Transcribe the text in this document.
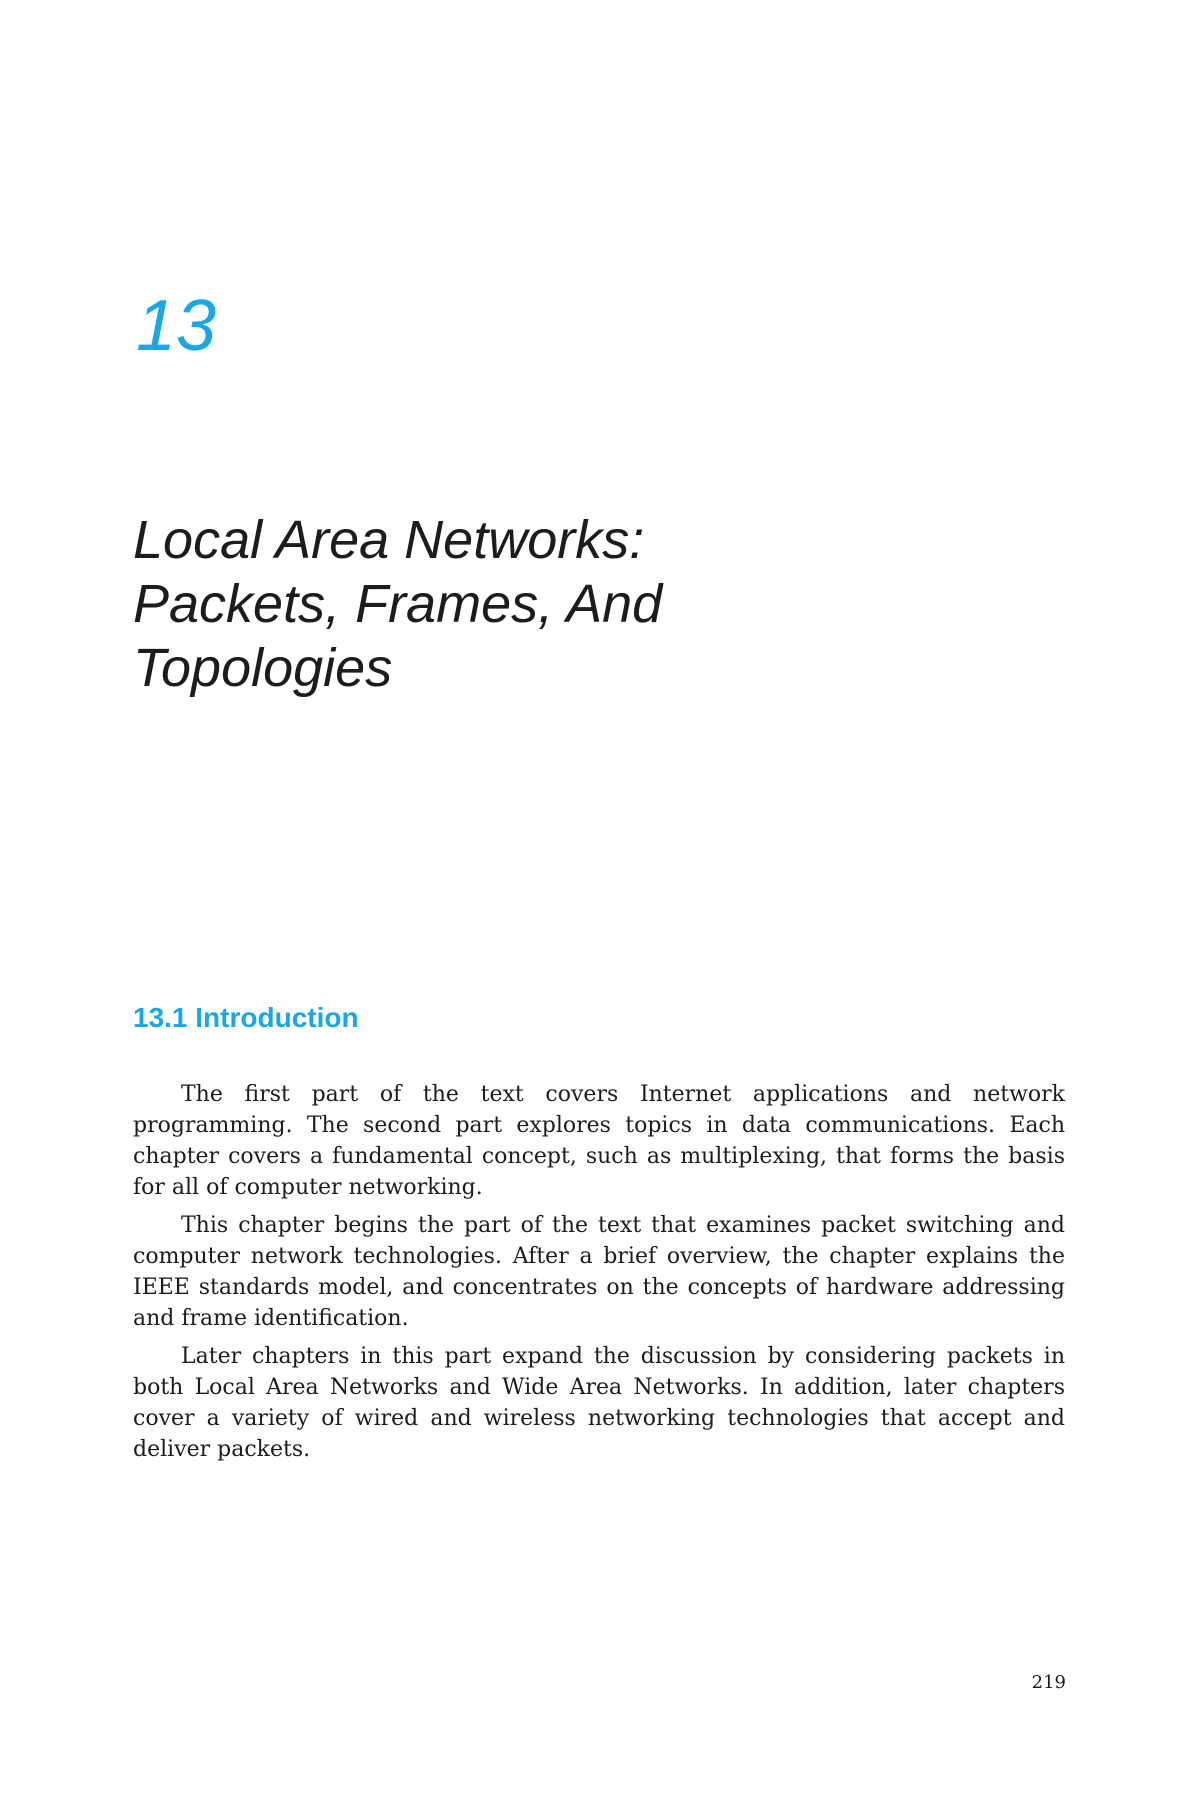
13
Local Area Networks:
Packets, Frames, And
Topologies
13.1 Introduction

The first part of the text covers Internet applications and network programming. The second part explores topics in data communications. Each chapter covers a fundamental concept, such as multiplexing, that forms the basis for all of computer networking.

This chapter begins the part of the text that examines packet switching and computer network technologies. After a brief overview, the chapter explains the IEEE standards model, and concentrates on the concepts of hardware addressing and frame identification.

Later chapters in this part expand the discussion by considering packets in both Local Area Networks and Wide Area Networks. In addition, later chapters cover a variety of wired and wireless networking technologies that accept and deliver packets.

219
